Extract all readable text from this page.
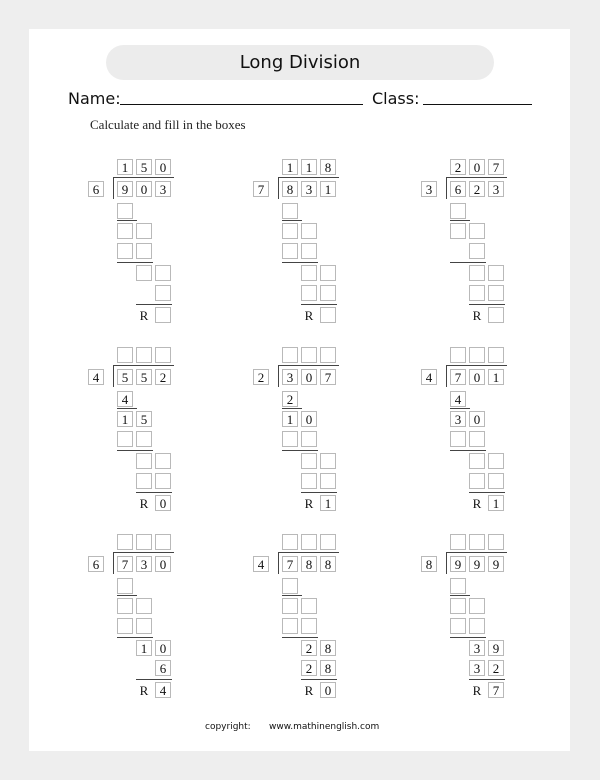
Long Division
Name:	Class:
Calculate and fill in the boxes
1 5 0
6	9 0 3
R
1 1 8
7	8 3 1
R
2 0 7
3	6 2 3
R
4	5 5 2
4
1 5
R 0
2	3 0 7
2
1 0
R 1
4	7 0 1
4
3 0
R 1
6	7 3 0
1 0
6
R 4
4	7 8 8
2 8
2 8
R 0
8	9 9 9
3 9
3 2
R 7
copyright: www.mathinenglish.com
